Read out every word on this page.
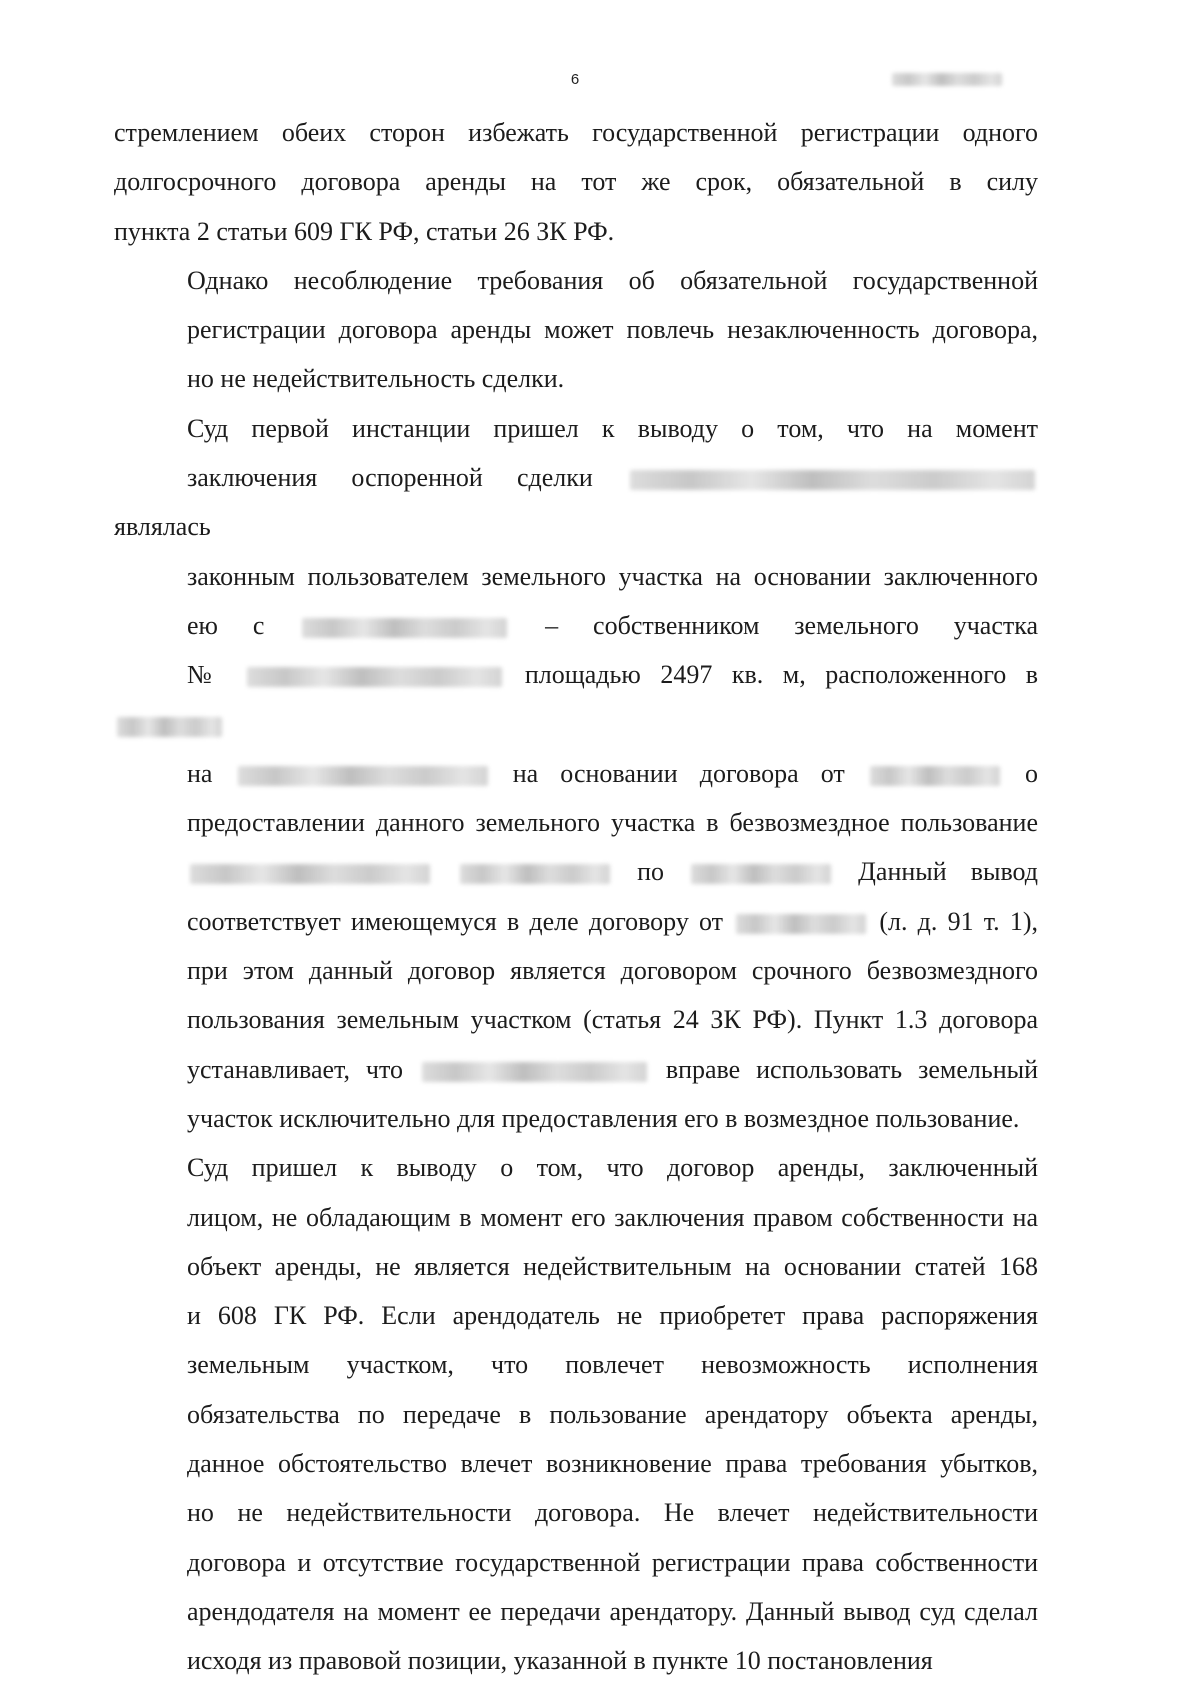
6

стремлением обеих сторон избежать государственной регистрации одного
долгосрочного договора аренды на тот же срок, обязательной в силу
пункта 2 статьи 609 ГК РФ, статьи 26 ЗК РФ.

Однако несоблюдение требования об обязательной государственной
регистрации договора аренды может повлечь незаключенность договора,
но не недействительность сделки.

Суд первой инстанции пришел к выводу о том, что на момент
заключения оспоренной сделки  являлась
законным пользователем земельного участка на основании заключенного
ею с	– собственником земельного участка
№	площадью 2497 кв. м, расположенного в
на	на основании договора от	о
предоставлении данного земельного участка в безвозмездное пользование
по	Данный вывод
соответствует имеющемуся в деле договору от	(л. д. 91 т. 1),
при этом данный договор является договором срочного безвозмездного
пользования земельным участком (статья 24 ЗК РФ). Пункт 1.3 договора
устанавливает, что	вправе использовать земельный
участок исключительно для предоставления его в возмездное пользование.

Суд пришел к выводу о том, что договор аренды, заключенный
лицом, не обладающим в момент его заключения правом собственности на
объект аренды, не является недействительным на основании статей 168
и 608 ГК РФ. Если арендодатель не приобретет права распоряжения
земельным участком, что повлечет невозможность исполнения
обязательства по передаче в пользование арендатору объекта аренды,
данное обстоятельство влечет возникновение права требования убытков,
но не недействительности договора. Не влечет недействительности
договора и отсутствие государственной регистрации права собственности
арендодателя на момент ее передачи арендатору. Данный вывод суд сделал
исходя из правовой позиции, указанной в пункте 10 постановления
